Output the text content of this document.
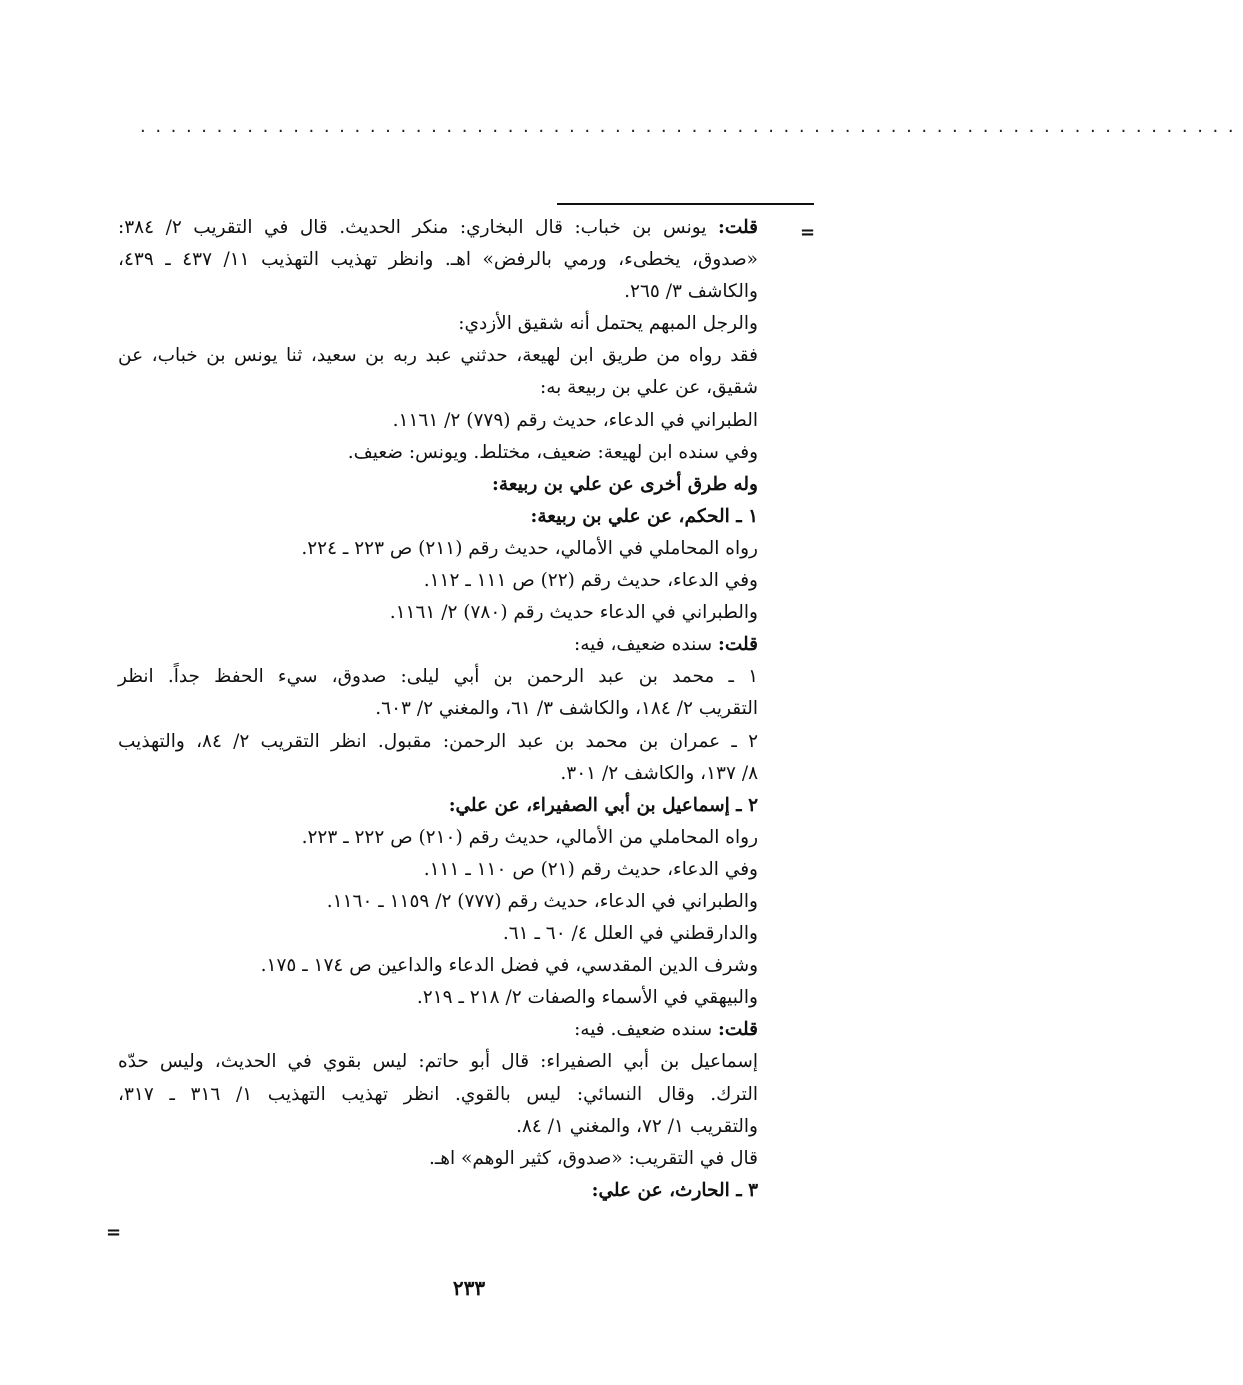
........................................................................
=
=
قلت: يونس بن خباب: قال البخاري: منكر الحديث. قال في التقريب ٢/ ٣٨٤:
«صدوق، يخطىء، ورمي بالرفض» اهـ. وانظر تهذيب التهذيب ١١/ ٤٣٧ ـ ٤٣٩،
والكاشف ٣/ ٢٦٥.
والرجل المبهم يحتمل أنه شقيق الأزدي:
فقد رواه من طريق ابن لهيعة، حدثني عبد ربه بن سعيد، ثنا يونس بن خباب، عن
شقيق، عن علي بن ربيعة به:
الطبراني في الدعاء، حديث رقم (٧٧٩) ٢/ ١١٦١.
وفي سنده ابن لهيعة: ضعيف، مختلط. ويونس: ضعيف.
وله طرق أخرى عن علي بن ربيعة:
١ ـ الحكم، عن علي بن ربيعة:
رواه المحاملي في الأمالي، حديث رقم (٢١١) ص ٢٢٣ ـ ٢٢٤.
وفي الدعاء، حديث رقم (٢٢) ص ١١١ ـ ١١٢.
والطبراني في الدعاء حديث رقم (٧٨٠) ٢/ ١١٦١.
قلت: سنده ضعيف، فيه:
١ ـ محمد بن عبد الرحمن بن أبي ليلى: صدوق، سيء الحفظ جداً. انظر
التقريب ٢/ ١٨٤، والكاشف ٣/ ٦١، والمغني ٢/ ٦٠٣.
٢ ـ عمران بن محمد بن عبد الرحمن: مقبول. انظر التقريب ٢/ ٨٤، والتهذيب
٨/ ١٣٧، والكاشف ٢/ ٣٠١.
٢ ـ إسماعيل بن أبي الصفيراء، عن علي:
رواه المحاملي من الأمالي، حديث رقم (٢١٠) ص ٢٢٢ ـ ٢٢٣.
وفي الدعاء، حديث رقم (٢١) ص ١١٠ ـ ١١١.
والطبراني في الدعاء، حديث رقم (٧٧٧) ٢/ ١١٥٩ ـ ١١٦٠.
والدارقطني في العلل ٤/ ٦٠ ـ ٦١.
وشرف الدين المقدسي، في فضل الدعاء والداعين ص ١٧٤ ـ ١٧٥.
والبيهقي في الأسماء والصفات ٢/ ٢١٨ ـ ٢١٩.
قلت: سنده ضعيف. فيه:
إسماعيل بن أبي الصفيراء: قال أبو حاتم: ليس بقوي في الحديث، وليس حدّه
الترك. وقال النسائي: ليس بالقوي. انظر تهذيب التهذيب ١/ ٣١٦ ـ ٣١٧،
والتقريب ١/ ٧٢، والمغني ١/ ٨٤.
قال في التقريب: «صدوق، كثير الوهم» اهـ.
٣ ـ الحارث، عن علي:
٢٣٣
